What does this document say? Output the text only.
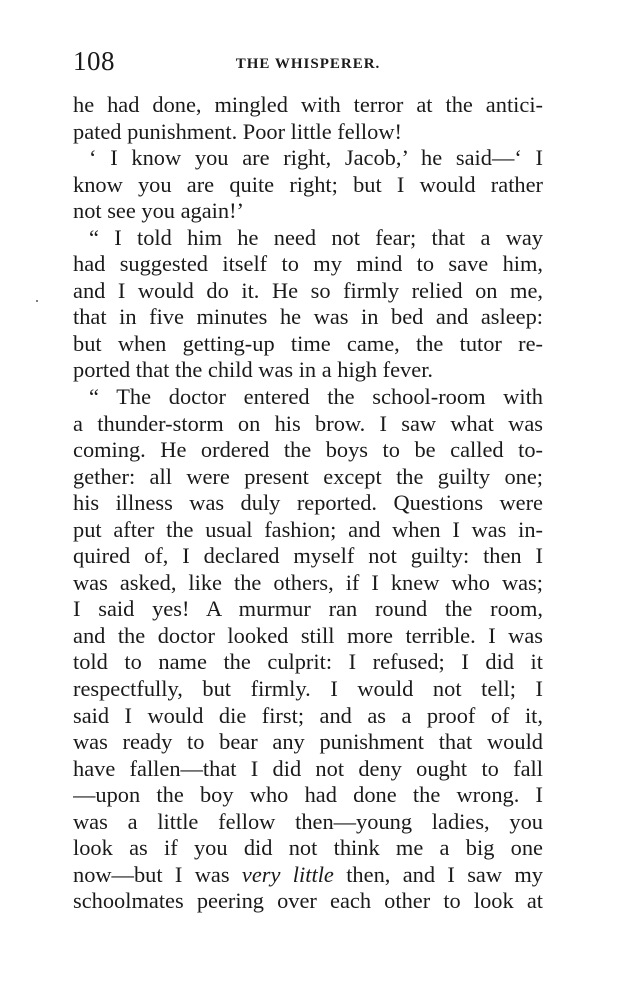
108	THE WHISPERER.
he had done, mingled with terror at the antici-
pated punishment. Poor little fellow!
‘ I know you are right, Jacob,’ he said—‘ I
know you are quite right; but I would rather
not see you again!’
“ I told him he need not fear; that a way
had suggested itself to my mind to save him,
and I would do it. He so firmly relied on me,
that in five minutes he was in bed and asleep:
but when getting-up time came, the tutor re-
ported that the child was in a high fever.
“ The doctor entered the school-room with
a thunder-storm on his brow. I saw what was
coming. He ordered the boys to be called to-
gether: all were present except the guilty one;
his illness was duly reported. Questions were
put after the usual fashion; and when I was in-
quired of, I declared myself not guilty: then I
was asked, like the others, if I knew who was;
I said yes! A murmur ran round the room,
and the doctor looked still more terrible. I was
told to name the culprit: I refused; I did it
respectfully, but firmly. I would not tell; I
said I would die first; and as a proof of it,
was ready to bear any punishment that would
have fallen—that I did not deny ought to fall
—upon the boy who had done the wrong. I
was a little fellow then—young ladies, you
look as if you did not think me a big one
now—but I was very little then, and I saw my
schoolmates peering over each other to look at
